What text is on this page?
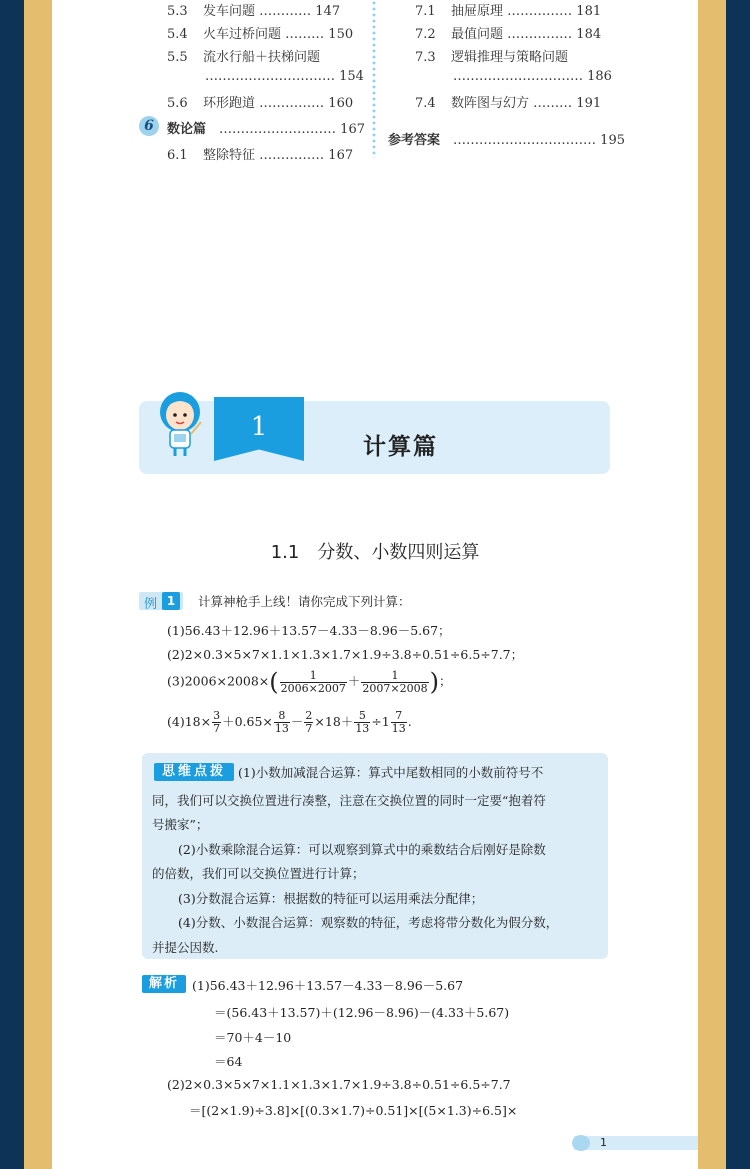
5.3 发车问题 ………… 147
5.4 火车过桥问题 ……… 150
5.5 流水行船＋扶梯问题
………………………… 154
5.6 环形跑道 …………… 160
6	数论篇　 ……………………… 167
6.1 整除特征 …………… 167
7.1 抽屉原理 …………… 181
7.2 最值问题 …………… 184
7.3 逻辑推理与策略问题
………………………… 186
7.4 数阵图与幻方 ……… 191
参考答案　 …………………………… 195
1
计算篇
1.1　分数、小数四则运算
例 1	计算神枪手上线！请你完成下列计算：
(1)56.43＋12.96＋13.57－4.33－8.96－5.67；
(2)2×0.3×5×7×1.1×1.3×1.7×1.9÷3.8÷0.51÷6.5÷7.7；
$(3)2006\times 2008\times( \frac{1}{2006\times 2007} + \frac{1}{2007\times 2008}$ )；
$(4)18\times \frac{3}{7} +0.65\times \frac{8}{13} - \frac{2}{7} \times 18+ \frac{5}{13} \div 1 \frac{7}{13}$ .
思维点拨 (1)小数加减混合运算：算式中尾数相同的小数前符号不
同，我们可以交换位置进行凑整，注意在交换位置的同时一定要“抱着符
号搬家”；
(2)小数乘除混合运算：可以观察到算式中的乘数结合后刚好是除数
的倍数，我们可以交换位置进行计算；
(3)分数混合运算：根据数的特征可以运用乘法分配律；
(4)分数、小数混合运算：观察数的特征，考虑将带分数化为假分数，
并提公因数.
解析	(1)56.43＋12.96＋13.57－4.33－8.96－5.67
＝(56.43＋13.57)＋(12.96－8.96)－(4.33＋5.67)
＝70＋4－10
＝64
(2)2×0.3×5×7×1.1×1.3×1.7×1.9÷3.8÷0.51÷6.5÷7.7
＝[(2×1.9)÷3.8]×[(0.3×1.7)÷0.51]×[(5×1.3)÷6.5]×
1
